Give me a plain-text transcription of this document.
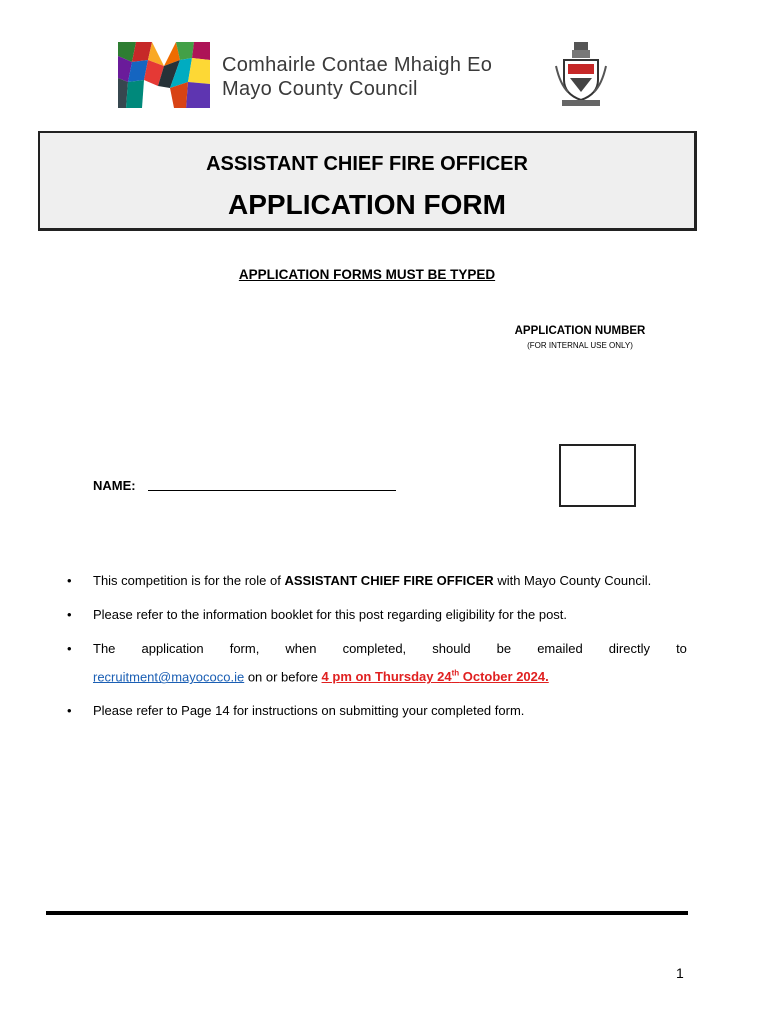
Comhairle Contae Mhaigh Eo
Mayo County Council
ASSISTANT CHIEF FIRE OFFICER
APPLICATION FORM
APPLICATION FORMS MUST BE TYPED
APPLICATION NUMBER
(FOR INTERNAL USE ONLY)
NAME:
• This competition is for the role of ASSISTANT CHIEF FIRE OFFICER with Mayo County Council.
• Please refer to the information booklet for this post regarding eligibility for the post.
• The application form, when completed, should be emailed directly to
recruitment@mayococo.ie on or before 4 pm on Thursday 24th October 2024.
• Please refer to Page 14 for instructions on submitting your completed form.
1
